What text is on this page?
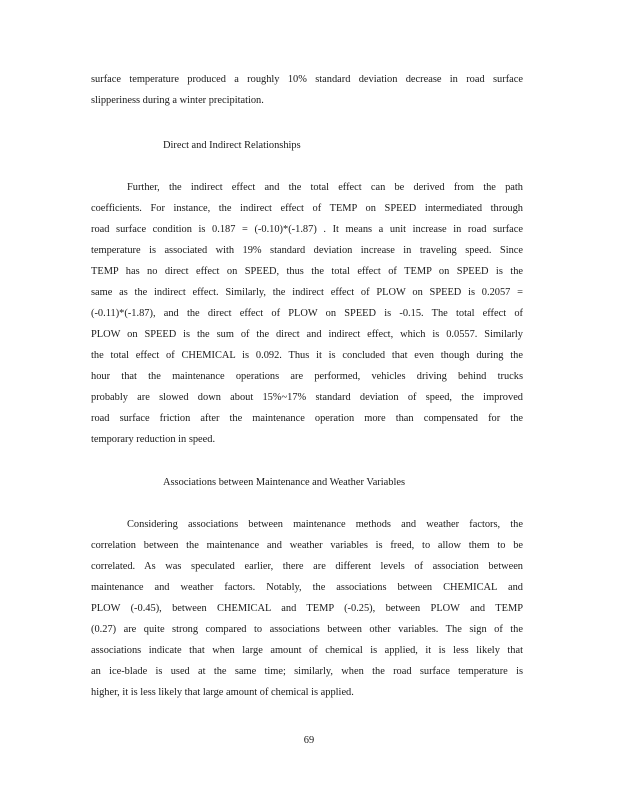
surface temperature produced a roughly 10% standard deviation decrease in road surface
slipperiness during a winter precipitation.
Direct and Indirect Relationships
Further, the indirect effect and the total effect can be derived from the path
coefficients. For instance, the indirect effect of TEMP on SPEED intermediated through
road surface condition is 0.187 = (-0.10)*(-1.87) . It means a unit increase in road surface
temperature is associated with 19% standard deviation increase in traveling speed. Since
TEMP has no direct effect on SPEED, thus the total effect of TEMP on SPEED is the
same as the indirect effect. Similarly, the indirect effect of PLOW on SPEED is 0.2057 =
(-0.11)*(-1.87), and the direct effect of PLOW on SPEED is -0.15. The total effect of
PLOW on SPEED is the sum of the direct and indirect effect, which is 0.0557. Similarly
the total effect of CHEMICAL is 0.092. Thus it is concluded that even though during the
hour that the maintenance operations are performed, vehicles driving behind trucks
probably are slowed down about 15%~17% standard deviation of speed, the improved
road surface friction after the maintenance operation more than compensated for the
temporary reduction in speed.
Associations between Maintenance and Weather Variables
Considering associations between maintenance methods and weather factors, the
correlation between the maintenance and weather variables is freed, to allow them to be
correlated. As was speculated earlier, there are different levels of association between
maintenance and weather factors. Notably, the associations between CHEMICAL and
PLOW (-0.45), between CHEMICAL and TEMP (-0.25), between PLOW and TEMP
(0.27) are quite strong compared to associations between other variables. The sign of the
associations indicate that when large amount of chemical is applied, it is less likely that
an ice-blade is used at the same time; similarly, when the road surface temperature is
higher, it is less likely that large amount of chemical is applied.
69
